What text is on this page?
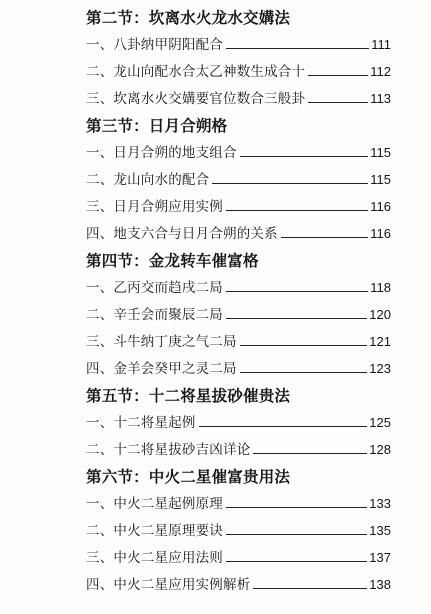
第二节：坎离水火龙水交媾法
一、八卦纳甲阴阳配合	111
二、龙山向配水合太乙神数生成合十	112
三、坎离水火交媾要官位数合三般卦	113
第三节：日月合朔格
一、日月合朔的地支组合	115
二、龙山向水的配合	115
三、日月合朔应用实例	116
四、地支六合与日月合朔的关系	116
第四节：金龙转车催富格
一、乙丙交而趋戌二局	118
二、辛壬会而聚辰二局	120
三、斗牛纳丁庚之气二局	121
四、金羊会癸甲之灵二局	123
第五节：十二将星拔砂催贵法
一、十二将星起例	125
二、十二将星拔砂吉凶详论	128
第六节：中火二星催富贵用法
一、中火二星起例原理	133
二、中火二星原理要诀	135
三、中火二星应用法则	137
四、中火二星应用实例解析	138
